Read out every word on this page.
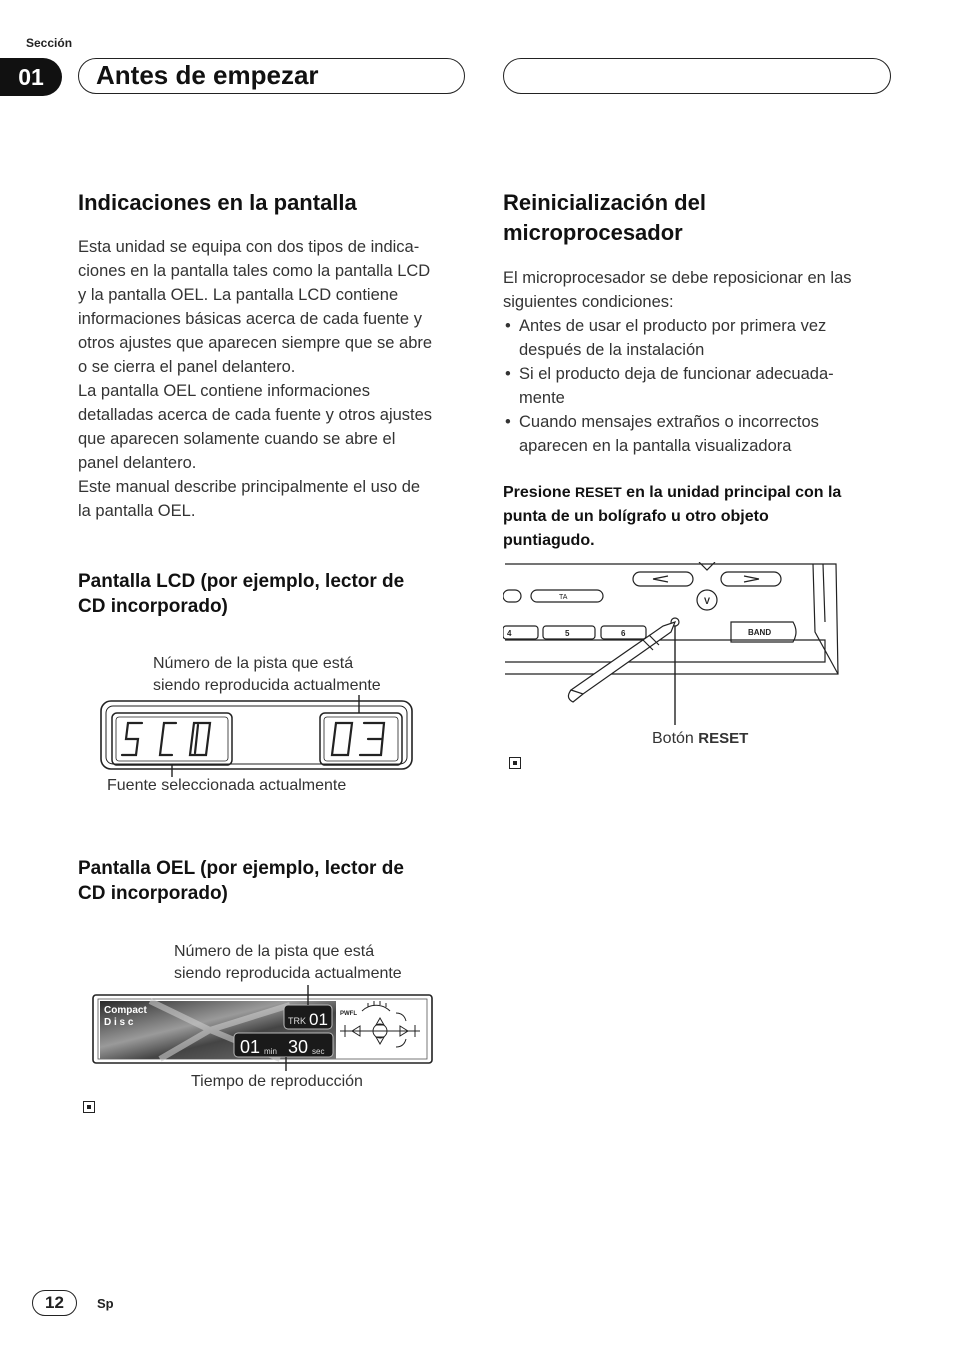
Sección
01	Antes de empezar
Indicaciones en la pantalla

Esta unidad se equipa con dos tipos de indica-

ciones en la pantalla tales como la pantalla LCD

y la pantalla OEL. La pantalla LCD contiene

informaciones básicas acerca de cada fuente y

otros ajustes que aparecen siempre que se abre

o se cierra el panel delantero.

La pantalla OEL contiene informaciones

detalladas acerca de cada fuente y otros ajustes

que aparecen solamente cuando se abre el

panel delantero.

Este manual describe principalmente el uso de

la pantalla OEL.

Pantalla LCD (por ejemplo, lector de
CD incorporado)
Número de la pista que está
siendo reproducida actualmente
Fuente seleccionada actualmente
Pantalla OEL (por ejemplo, lector de
CD incorporado)
Número de la pista que está
siendo reproducida actualmente
Compact
D i s c	TRK 01
01 min 30 sec
PWFL
Tiempo de reproducción
Reinicialización del
microprocesador

El microprocesador se debe reposicionar en las

siguientes condiciones:

• Antes de usar el producto por primera vez
después de la instalación
• Si el producto deja de funcionar adecuada-
mente
• Cuando mensajes extraños o incorrectos
aparecen en la pantalla visualizadora
Presione RESET en la unidad principal con la
punta de un bolígrafo u otro objeto
puntiagudo.
TA	V
BAND
4	5	6
Botón RESET
12	Sp
